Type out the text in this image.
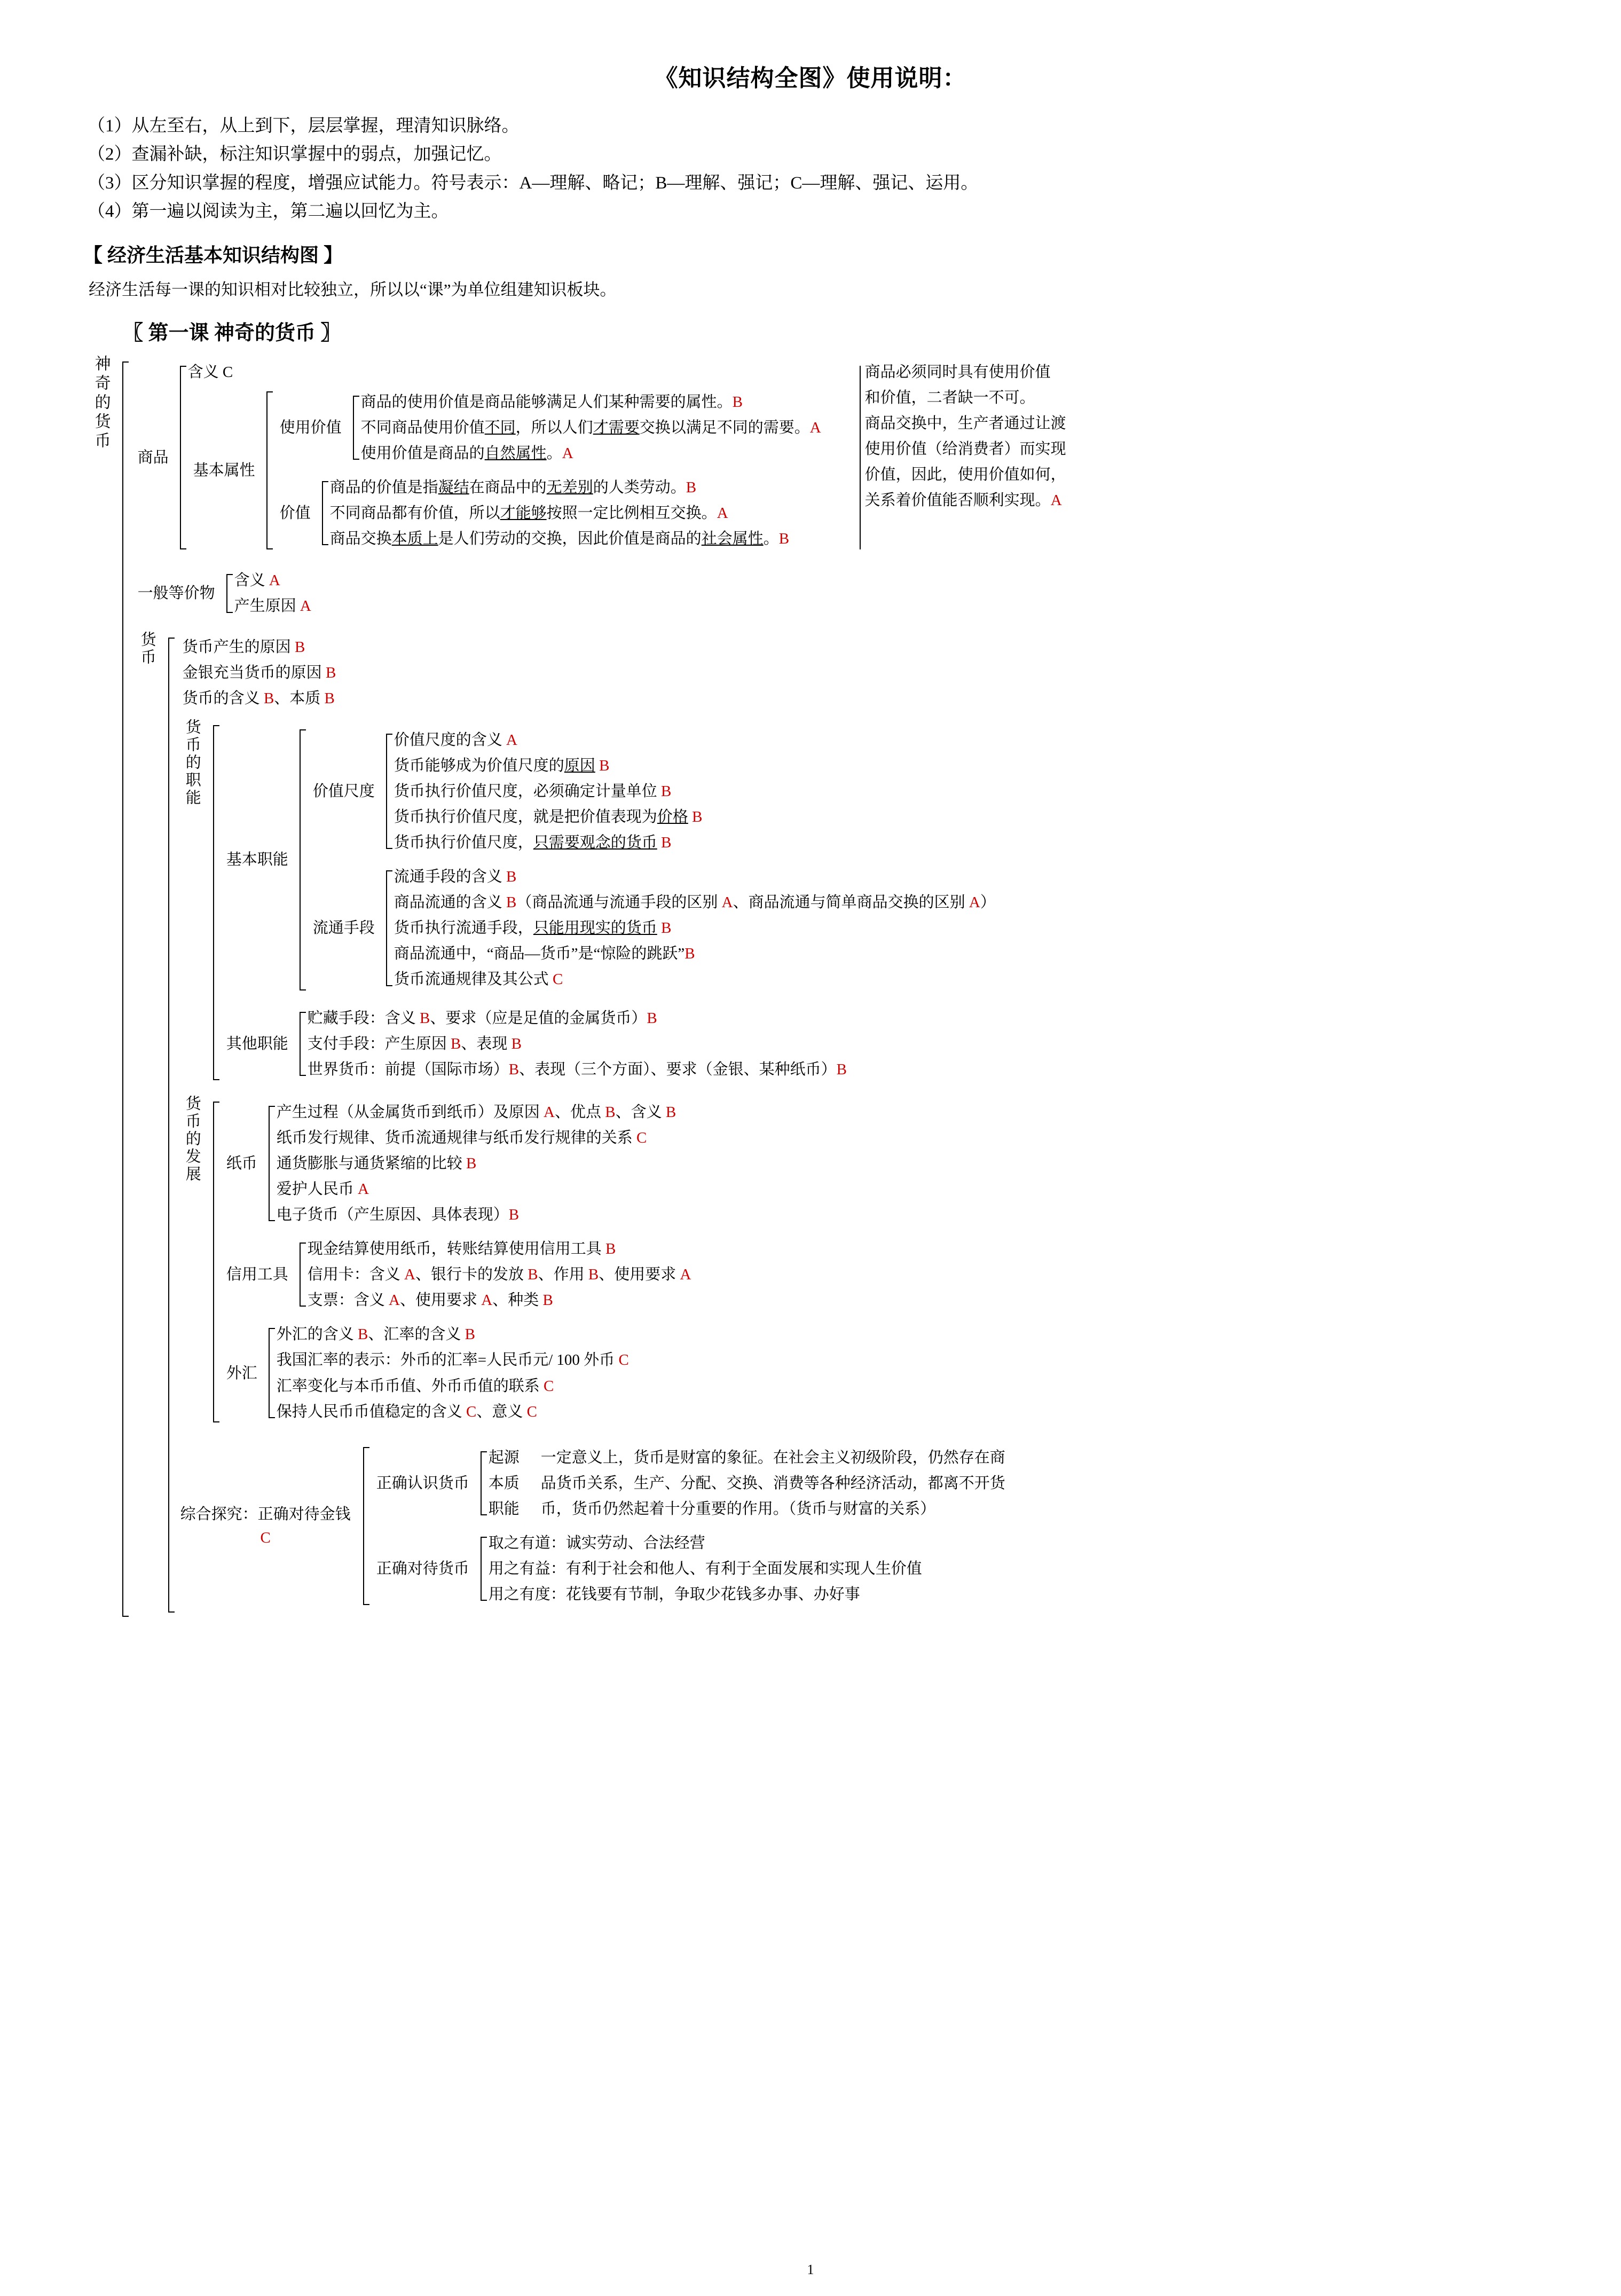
《知识结构全图》使用说明：

（1）从左至右，从上到下，层层掌握，理清知识脉络。

（2）查漏补缺，标注知识掌握中的弱点，加强记忆。

（3）区分知识掌握的程度，增强应试能力。符号表示：A—理解、略记；B—理解、强记；C—理解、强记、运用。

（4）第一遍以阅读为主，第二遍以回忆为主。

【 经济生活基本知识结构图 】
经济生活每一课的知识相对比较独立，所以以“课”为单位组建知识板块。
〖 第一课 神奇的货币 〗
神奇的货币
商品
含义 C
基本属性
使用价值
商品的使用价值是商品能够满足人们某种需要的属性。B
不同商品使用价值不同，所以人们才需要交换以满足不同的需要。A
使用价值是商品的自然属性。A
价值
商品的价值是指凝结在商品中的无差别的人类劳动。B
不同商品都有价值，所以才能够按照一定比例相互交换。A
商品交换本质上是人们劳动的交换，因此价值是商品的社会属性。B
商品必须同时具有使用价值
和价值，二者缺一不可。
商品交换中，生产者通过让渡
使用价值（给消费者）而实现
价值，因此，使用价值如何，
关系着价值能否顺利实现。A
一般等价物
含义 A
产生原因 A
货币	货币产生的原因 B
金银充当货币的原因 B
货币的含义 B、本质 B
货币的职能
基本职能
价值尺度
价值尺度的含义 A
货币能够成为价值尺度的原因 B
货币执行价值尺度，必须确定计量单位 B
货币执行价值尺度，就是把价值表现为价格 B
货币执行价值尺度，只需要观念的货币 B
流通手段
流通手段的含义 B
商品流通的含义 B（商品流通与流通手段的区别 A、商品流通与简单商品交换的区别 A）
货币执行流通手段，只能用现实的货币 B
商品流通中，“商品—货币”是“惊险的跳跃”B
货币流通规律及其公式 C
其他职能
贮藏手段：含义 B、要求（应是足值的金属货币）B
支付手段：产生原因 B、表现 B
世界货币：前提（国际市场）B、表现（三个方面）、要求（金银、某种纸币）B
货币的发展	纸币
产生过程（从金属货币到纸币）及原因 A、优点 B、含义 B
纸币发行规律、货币流通规律与纸币发行规律的关系 C
通货膨胀与通货紧缩的比较 B
爱护人民币 A
电子货币（产生原因、具体表现）B
信用工具
现金结算使用纸币，转账结算使用信用工具 B
信用卡：含义 A、银行卡的发放 B、作用 B、使用要求 A
支票：含义 A、使用要求 A、种类 B
外汇
外汇的含义 B、汇率的含义 B
我国汇率的表示：外币的汇率=人民币元/ 100 外币 C
汇率变化与本币币值、外币币值的联系 C
保持人民币币值稳定的含义 C、意义 C
综合探究：正确对待金钱
C
正确认识货币
起源
本质
职能
一定意义上，货币是财富的象征。在社会主义初级阶段，仍然存在商
品货币关系，生产、分配、交换、消费等各种经济活动，都离不开货
币，货币仍然起着十分重要的作用。（货币与财富的关系）
正确对待货币
取之有道：诚实劳动、合法经营
用之有益：有利于社会和他人、有利于全面发展和实现人生价值
用之有度：花钱要有节制，争取少花钱多办事、办好事
1
